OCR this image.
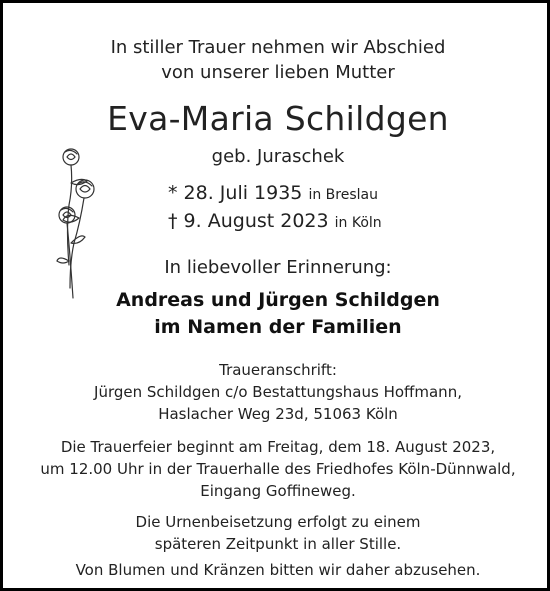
In stiller Trauer nehmen wir Abschied
von unserer lieben Mutter
Eva-Maria Schildgen
geb. Juraschek
* 28. Juli 1935 in Breslau
† 9. August 2023 in Köln
In liebevoller Erinnerung:
Andreas und Jürgen Schildgen
im Namen der Familien
Traueranschrift:
Jürgen Schildgen c/o Bestattungshaus Hoffmann,
Haslacher Weg 23d, 51063 Köln
Die Trauerfeier beginnt am Freitag, dem 18. August 2023,
um 12.00 Uhr in der Trauerhalle des Friedhofes Köln-Dünnwald,
Eingang Goffineweg.
Die Urnenbeisetzung erfolgt zu einem
späteren Zeitpunkt in aller Stille.
Von Blumen und Kränzen bitten wir daher abzusehen.
